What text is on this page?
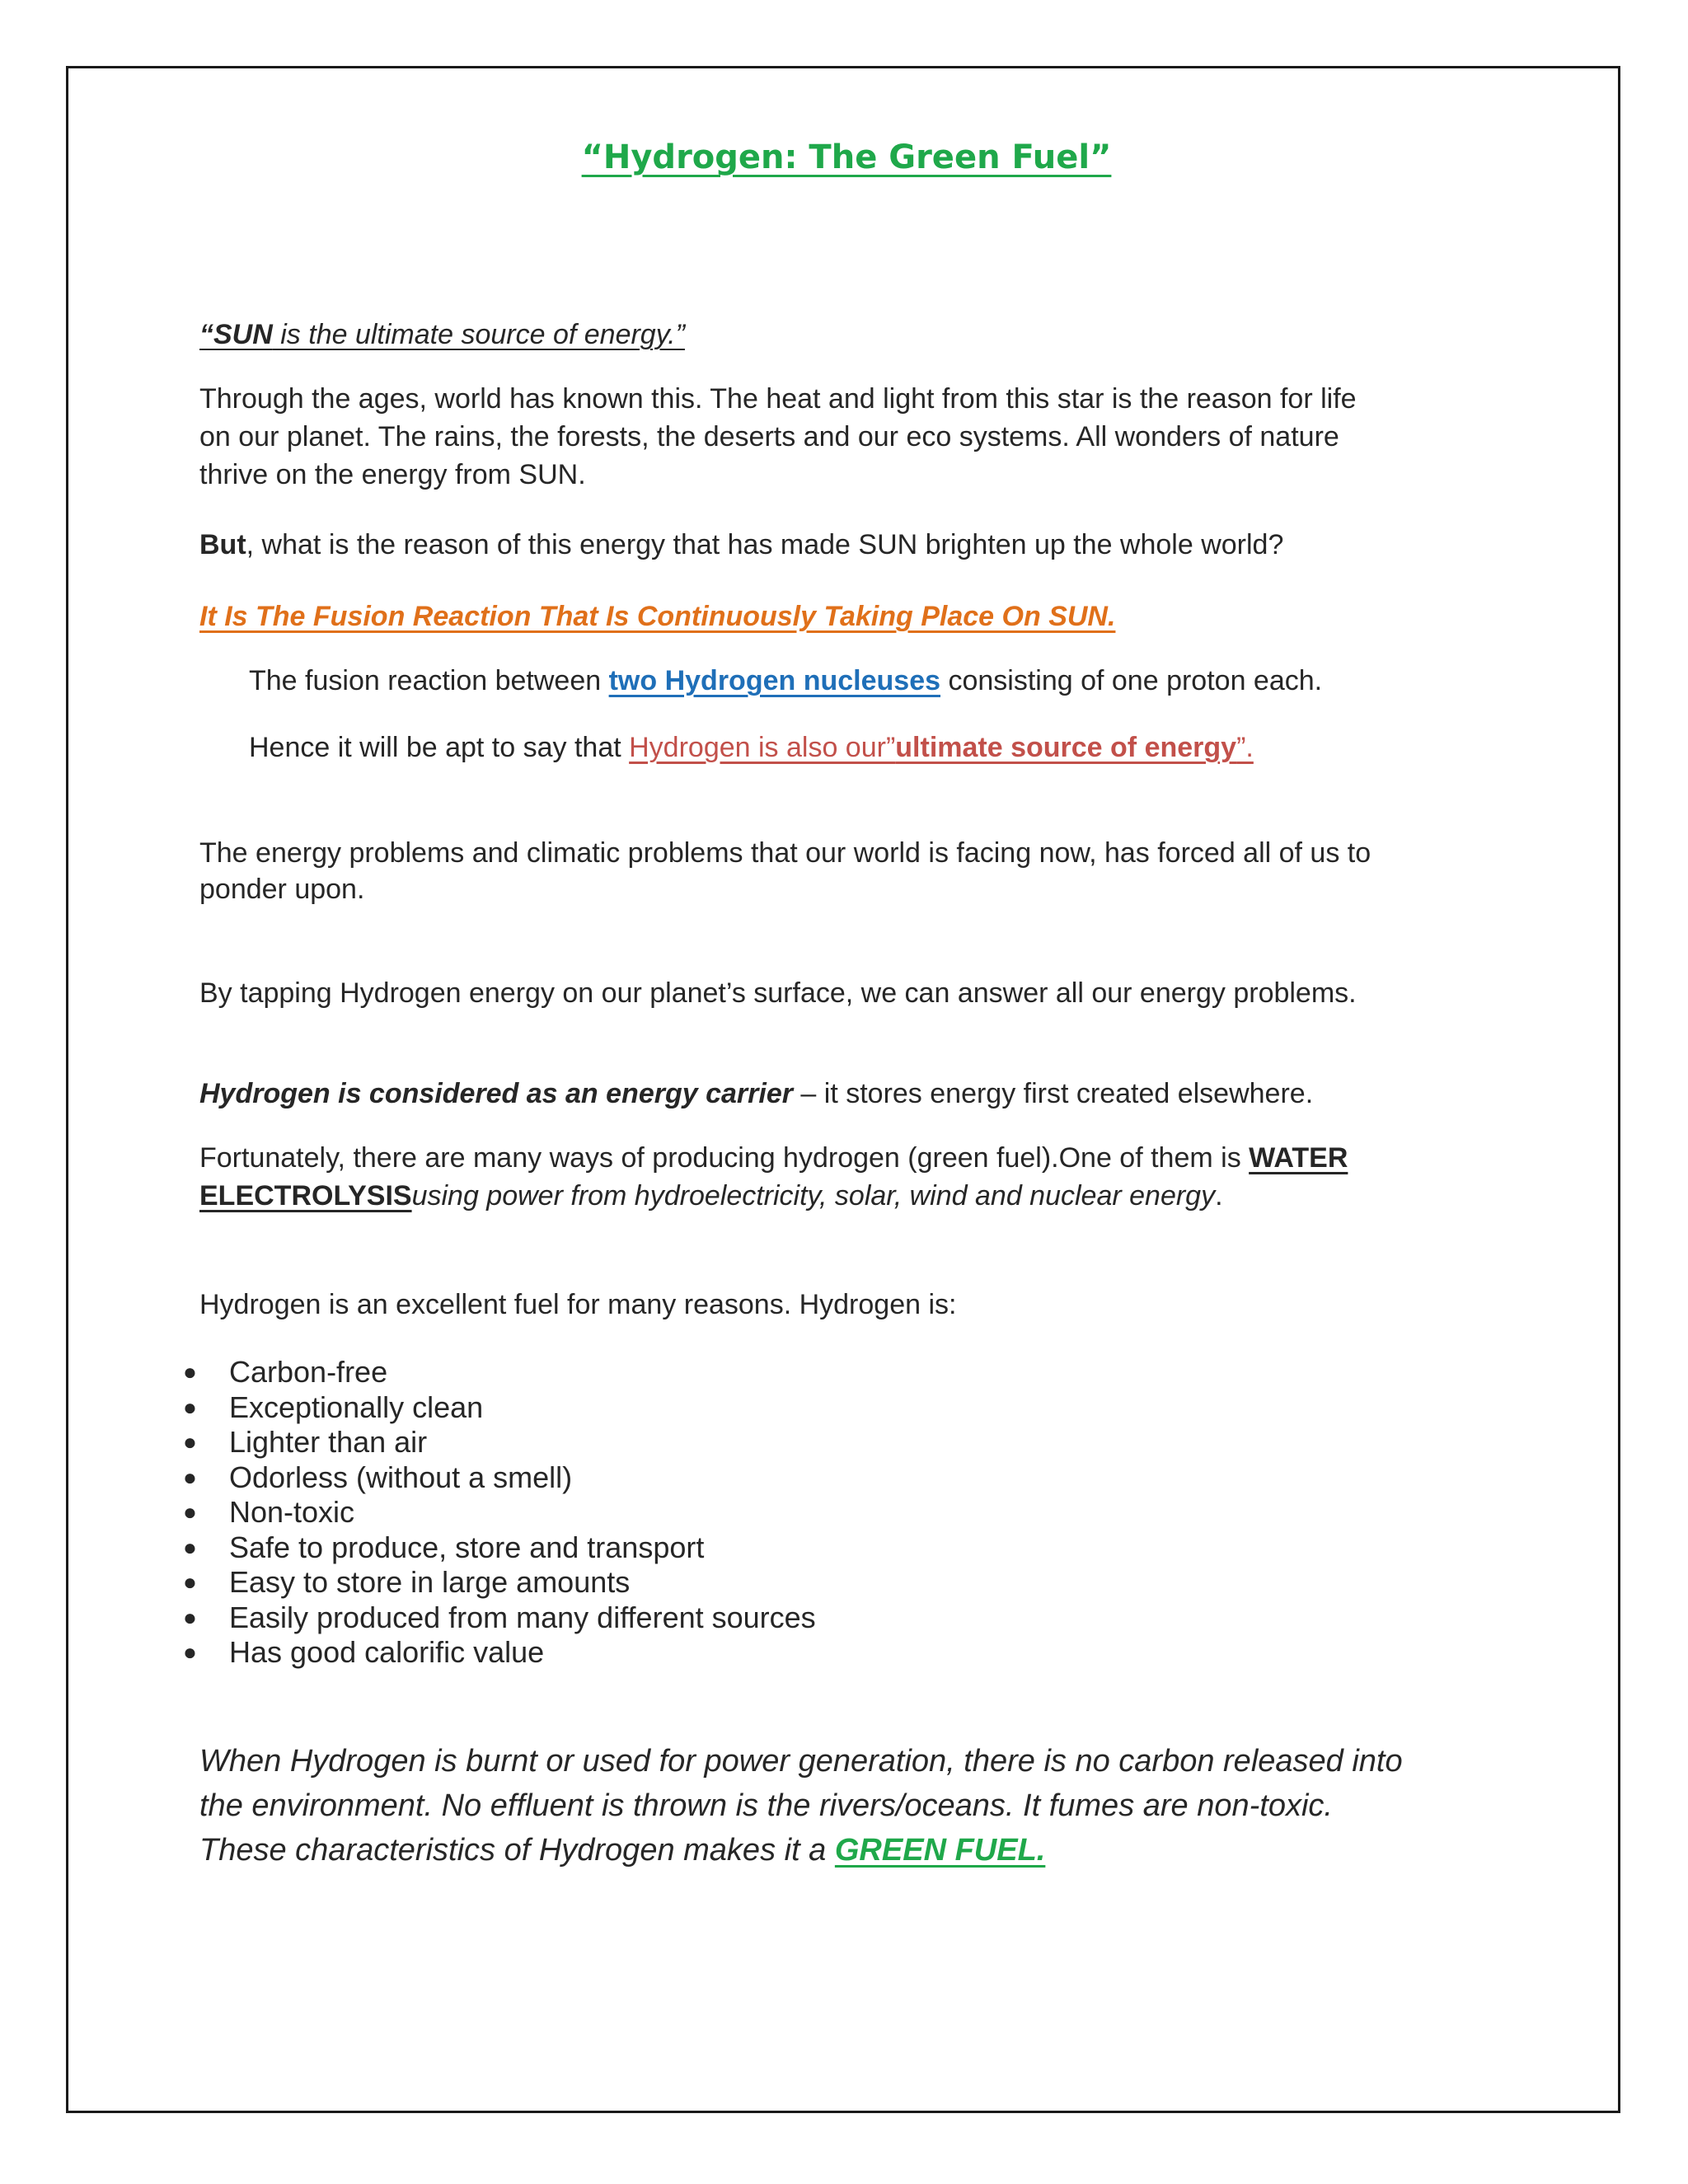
“Hydrogen: The Green Fuel”

“SUN is the ultimate source of energy.”

Through the ages, world has known this. The heat and light from this star is the reason for life

on our planet. The rains, the forests, the deserts and our eco systems. All wonders of nature

thrive on the energy from SUN.

But, what is the reason of this energy that has made SUN brighten up the whole world?

It Is The Fusion Reaction That Is Continuously Taking Place On SUN.

The fusion reaction between two Hydrogen nucleuses consisting of one proton each.

Hence it will be apt to say that Hydrogen is also our”ultimate source of energy”.

The energy problems and climatic problems that our world is facing now, has forced all of us to

ponder upon.

By tapping Hydrogen energy on our planet’s surface, we can answer all our energy problems.

Hydrogen is considered as an energy carrier – it stores energy first created elsewhere.

Fortunately, there are many ways of producing hydrogen (green fuel).One of them is WATER

ELECTROLYSISusing power from hydroelectricity, solar, wind and nuclear energy.

Hydrogen is an excellent fuel for many reasons. Hydrogen is:

● Carbon-free
● Exceptionally clean
● Lighter than air
● Odorless (without a smell)
● Non-toxic
● Safe to produce, store and transport
● Easy to store in large amounts
● Easily produced from many different sources
● Has good calorific value
When Hydrogen is burnt or used for power generation, there is no carbon released into
the environment. No effluent is thrown is the rivers/oceans. It fumes are non-toxic.
These characteristics of Hydrogen makes it a GREEN FUEL.
